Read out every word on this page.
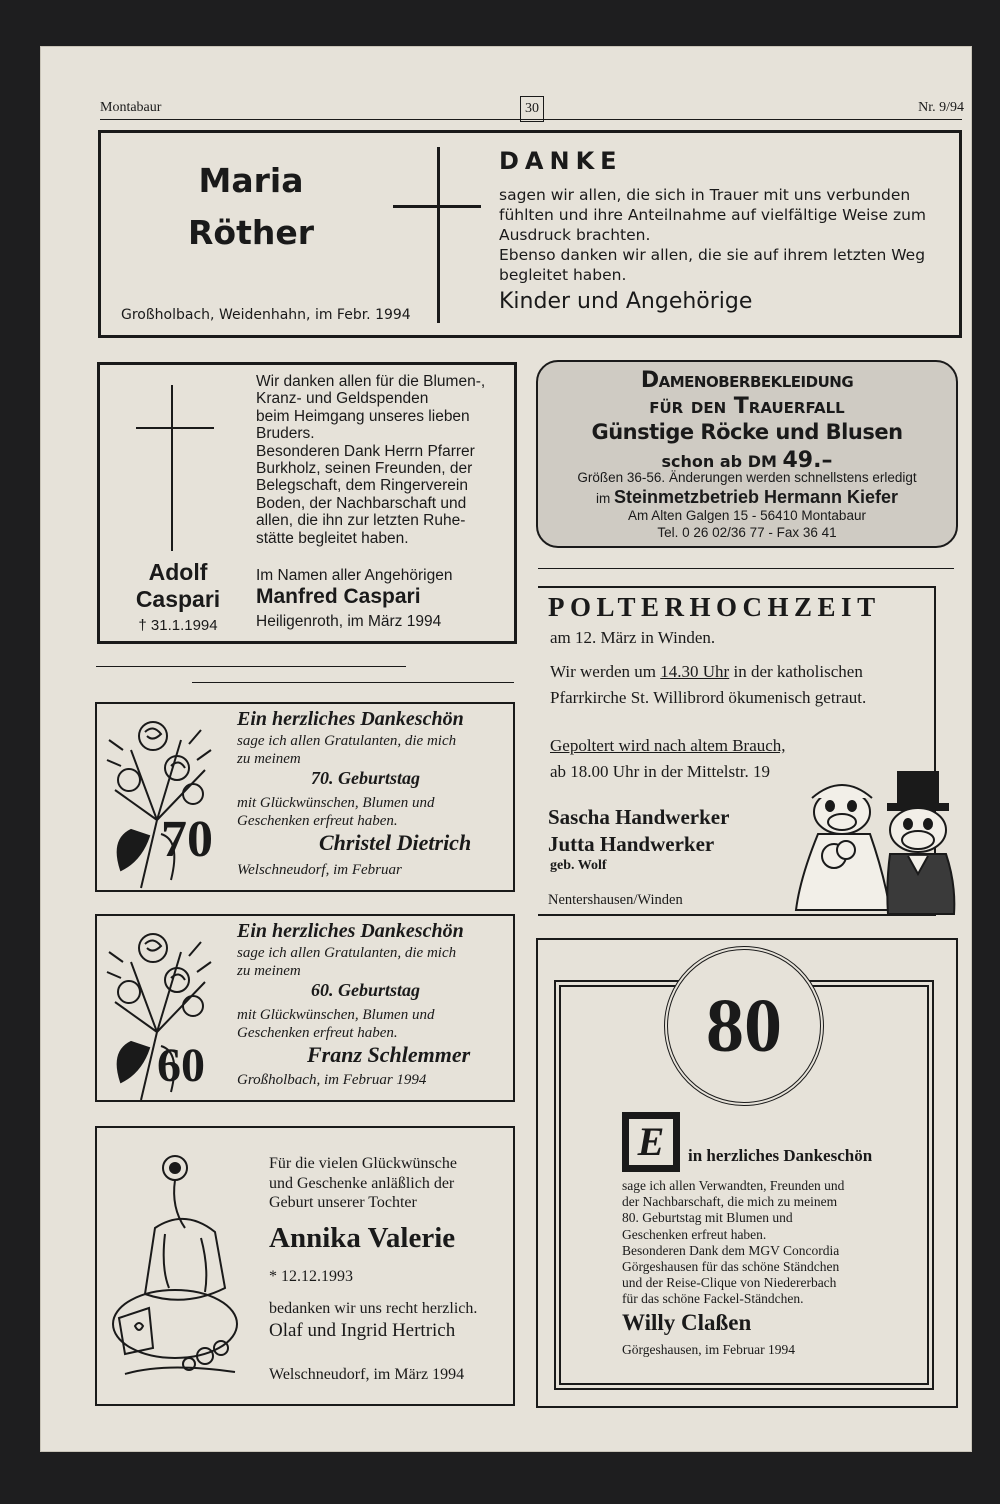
Montabaur	30	Nr. 9/94
Maria
Röther
Großholbach, Weidenhahn, im Febr. 1994
DANKE
sagen wir allen, die sich in Trauer mit uns verbunden
fühlten und ihre Anteilnahme auf vielfältige Weise zum
Ausdruck brachten.
Ebenso danken wir allen, die sie auf ihrem letzten Weg
begleitet haben.
Kinder und Angehörige
Wir danken allen für die Blumen-,
Kranz- und Geldspenden
beim Heimgang unseres lieben
Bruders.
Besonderen Dank Herrn Pfarrer
Burkholz, seinen Freunden, der
Belegschaft, dem Ringerverein
Boden, der Nachbarschaft und
allen, die ihn zur letzten Ruhe-
stätte begleitet haben.
Adolf
Caspari
† 31.1.1994
Im Namen aller Angehörigen
Manfred Caspari
Heiligenroth, im März 1994
Damenoberbekleidung
für den Trauerfall
Günstige Röcke und Blusen
schon ab DM 49.–
Größen 36-56. Änderungen werden schnellstens erledigt
im Steinmetzbetrieb Hermann Kiefer
Am Alten Galgen 15 - 56410 Montabaur
Tel. 0 26 02/36 77 - Fax 36 41
POLTERHOCHZEIT
am 12. März in Winden.
Wir werden um 14.30 Uhr in der katholischen
Pfarrkirche St. Willibrord ökumenisch getraut.
Gepoltert wird nach altem Brauch,
ab 18.00 Uhr in der Mittelstr. 19
Sascha Handwerker
Jutta Handwerker
geb. Wolf
Nentershausen/Winden
70
Ein herzliches Dankeschön
sage ich allen Gratulanten, die mich
zu meinem
70. Geburtstag
mit Glückwünschen, Blumen und
Geschenken erfreut haben.
Christel Dietrich
Welschneudorf, im Februar
60
Ein herzliches Dankeschön
sage ich allen Gratulanten, die mich
zu meinem
60. Geburtstag
mit Glückwünschen, Blumen und
Geschenken erfreut haben.
Franz Schlemmer
Großholbach, im Februar 1994
Für die vielen Glückwünsche
und Geschenke anläßlich der
Geburt unserer Tochter
Annika Valerie
* 12.12.1993
bedanken wir uns recht herzlich.
Olaf und Ingrid Hertrich
Welschneudorf, im März 1994
80
E	in herzliches Dankeschön
sage ich allen Verwandten, Freunden und
der Nachbarschaft, die mich zu meinem
80. Geburtstag mit Blumen und
Geschenken erfreut haben.
Besonderen Dank dem MGV Concordia
Görgeshausen für das schöne Ständchen
und der Reise-Clique von Niedererbach
für das schöne Fackel-Ständchen.
Willy Claßen
Görgeshausen, im Februar 1994
